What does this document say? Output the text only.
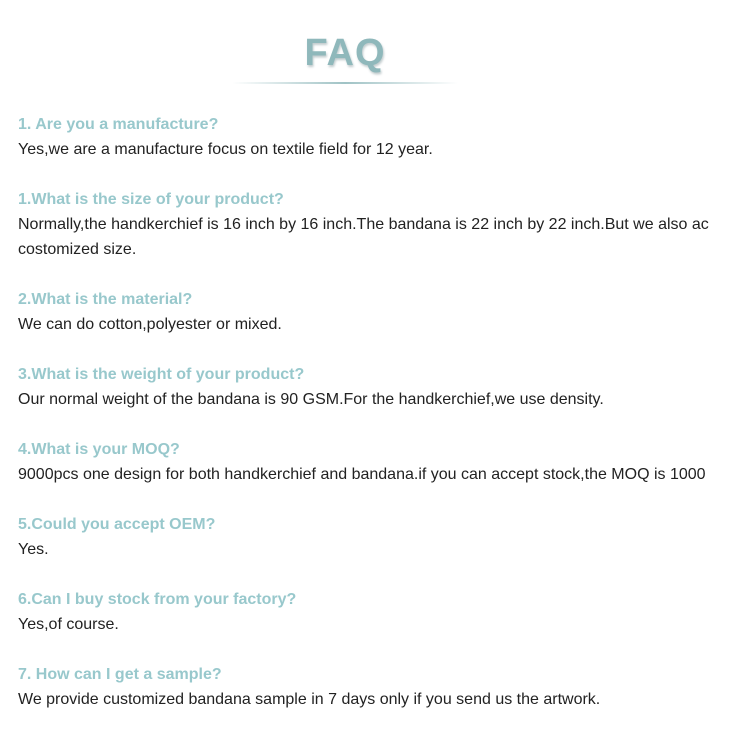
FAQ
1. Are you a manufacture?
Yes,we are a manufacture focus on textile field for 12 year.
1.What is the size of your product?
Normally,the handkerchief is 16 inch by 16 inch.The bandana is 22 inch by 22 inch.But we also ac
costomized size.
2.What is the material?
We can do cotton,polyester or mixed.
3.What is the weight of your product?
Our normal weight of the bandana is 90 GSM.For the handkerchief,we use density.
4.What is your MOQ?
9000pcs one design for both handkerchief and bandana.if you can accept stock,the MOQ is 1000
5.Could you accept OEM?
Yes.
6.Can I buy stock from your factory?
Yes,of course.
7. How can I get a sample?
We provide customized bandana sample in 7 days only if you send us the artwork.
